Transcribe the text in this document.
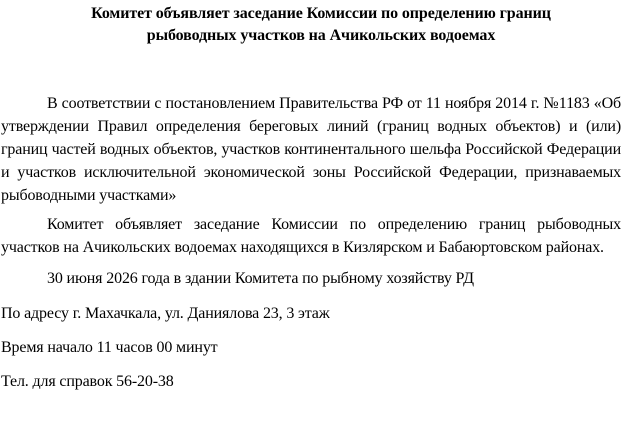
Комитет объявляет заседание Комиссии по определению границ
рыбоводных участков на Ачикольских водоемах

В соответствии с постановлением Правительства РФ от 11 ноября 2014 г. №1183 «Об утверждении Правил определения береговых линий (границ водных объектов) и (или) границ частей водных объектов, участков континентального шельфа Российской Федерации и участков исключительной экономической зоны Российской Федерации, признаваемых рыбоводными участками»

Комитет объявляет заседание Комиссии по определению границ рыбоводных участков на Ачикольских водоемах находящихся в Кизлярском и Бабаюртовском районах.

30 июня 2026 года в здании Комитета по рыбному хозяйству РД

По адресу г. Махачкала, ул. Даниялова 23, 3 этаж

Время начало 11 часов 00 минут

Тел. для справок 56-20-38
